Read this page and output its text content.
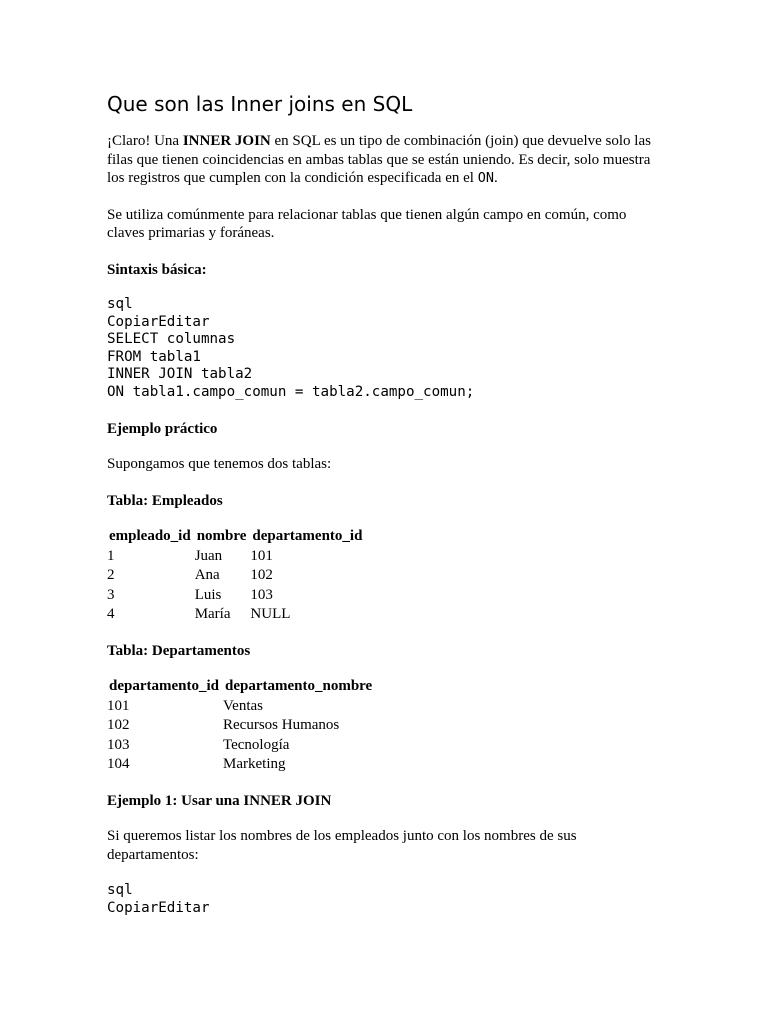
Que son las Inner joins en SQL

¡Claro! Una INNER JOIN en SQL es un tipo de combinación (join) que devuelve solo las filas que tienen coincidencias en ambas tablas que se están uniendo. Es decir, solo muestra los registros que cumplen con la condición especificada en el ON.

Se utiliza comúnmente para relacionar tablas que tienen algún campo en común, como claves primarias y foráneas.

Sintaxis básica:
sql
CopiarEditar
SELECT columnas
FROM tabla1
INNER JOIN tabla2
ON tabla1.campo_comun = tabla2.campo_comun;
Ejemplo práctico

Supongamos que tenemos dos tablas:

Tabla: Empleados
empleado_id	nombre	departamento_id
1	Juan	101
2	Ana	102
3	Luis	103
4	María	NULL
Tabla: Departamentos
departamento_id	departamento_nombre
101	Ventas
102	Recursos Humanos
103	Tecnología
104	Marketing
Ejemplo 1: Usar una INNER JOIN

Si queremos listar los nombres de los empleados junto con los nombres de sus departamentos:

sql
CopiarEditar
